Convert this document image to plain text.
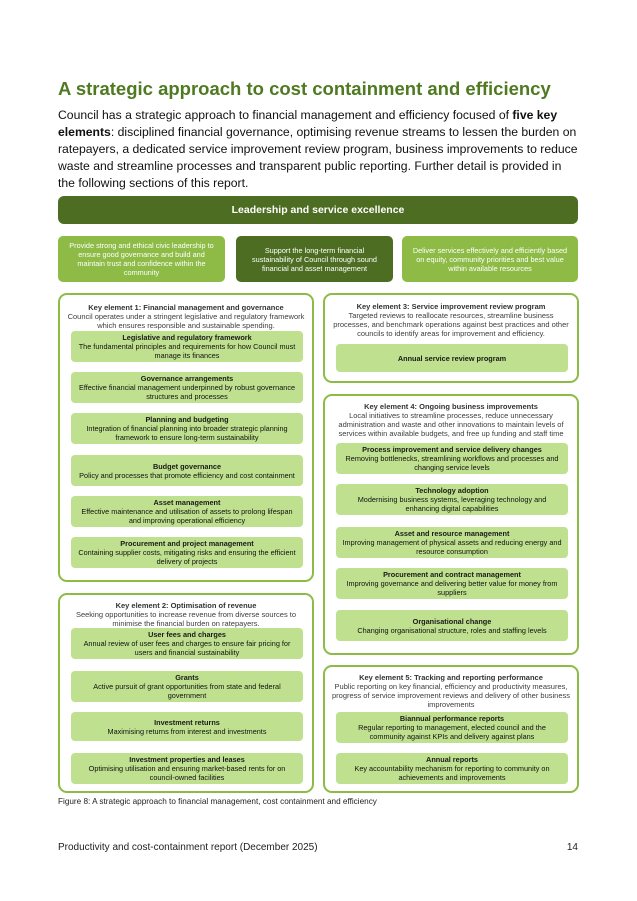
A strategic approach to cost containment and efficiency

Council has a strategic approach to financial management and efficiency focused of five key elements: disciplined financial governance, optimising revenue streams to lessen the burden on ratepayers, a dedicated service improvement review program, business improvements to reduce waste and streamline processes and transparent public reporting. Further detail is provided in the following sections of this report.

Leadership and service excellence
Provide strong and ethical civic leadership to ensure good governance and build and maintain trust and confidence within the community
Support the long-term financial sustainability of Council through sound financial and asset management
Deliver services effectively and efficiently based on equity, community priorities and best value within available resources
Key element 1: Financial management and governance
Council operates under a stringent legislative and regulatory framework which ensures responsible and sustainable spending.
Legislative and regulatory framework
The fundamental principles and requirements for how Council must manage its finances
Governance arrangements
Effective financial management underpinned by robust governance structures and processes
Planning and budgeting
Integration of financial planning into broader strategic planning framework to ensure long-term sustainability
Budget governance
Policy and processes that promote efficiency and cost containment
Asset management
Effective maintenance and utilisation of assets to prolong lifespan and improving operational efficiency
Procurement and project management
Containing supplier costs, mitigating risks and ensuring the efficient delivery of projects
Key element 2: Optimisation of revenue
Seeking opportunities to increase revenue from diverse sources to minimise the financial burden on ratepayers.
User fees and charges
Annual review of user fees and charges to ensure fair pricing for users and financial sustainability
Grants
Active pursuit of grant opportunities from state and federal government
Investment returns
Maximising returns from interest and investments
Investment properties and leases
Optimising utilisation and ensuring market-based rents for on council-owned facilities
Key element 3: Service improvement review program
Targeted reviews to reallocate resources, streamline business processes, and benchmark operations against best practices and other councils to identify areas for improvement and efficiency.
Annual service review program
Key element 4: Ongoing business improvements
Local initiatives to streamline processes, reduce unnecessary administration and waste and other innovations to maintain levels of services within available budgets, and free up funding and staff time
Process improvement and service delivery changes
Removing bottlenecks, streamlining workflows and processes and changing service levels
Technology adoption
Modernising business systems, leveraging technology and enhancing digital capabilities
Asset and resource management
Improving management of physical assets and reducing energy and resource consumption
Procurement and contract management
Improving governance and delivering better value for money from suppliers
Organisational change
Changing organisational structure, roles and staffing levels
Key element 5: Tracking and reporting performance
Public reporting on key financial, efficiency and productivity measures, progress of service improvement reviews and delivery of other business improvements
Biannual performance reports
Regular reporting to management, elected council and the community against KPIs and delivery against plans
Annual reports
Key accountability mechanism for reporting to community on achievements and improvements
Figure 8: A strategic approach to financial management, cost containment and efficiency
Productivity and cost-containment report (December 2025)	14
